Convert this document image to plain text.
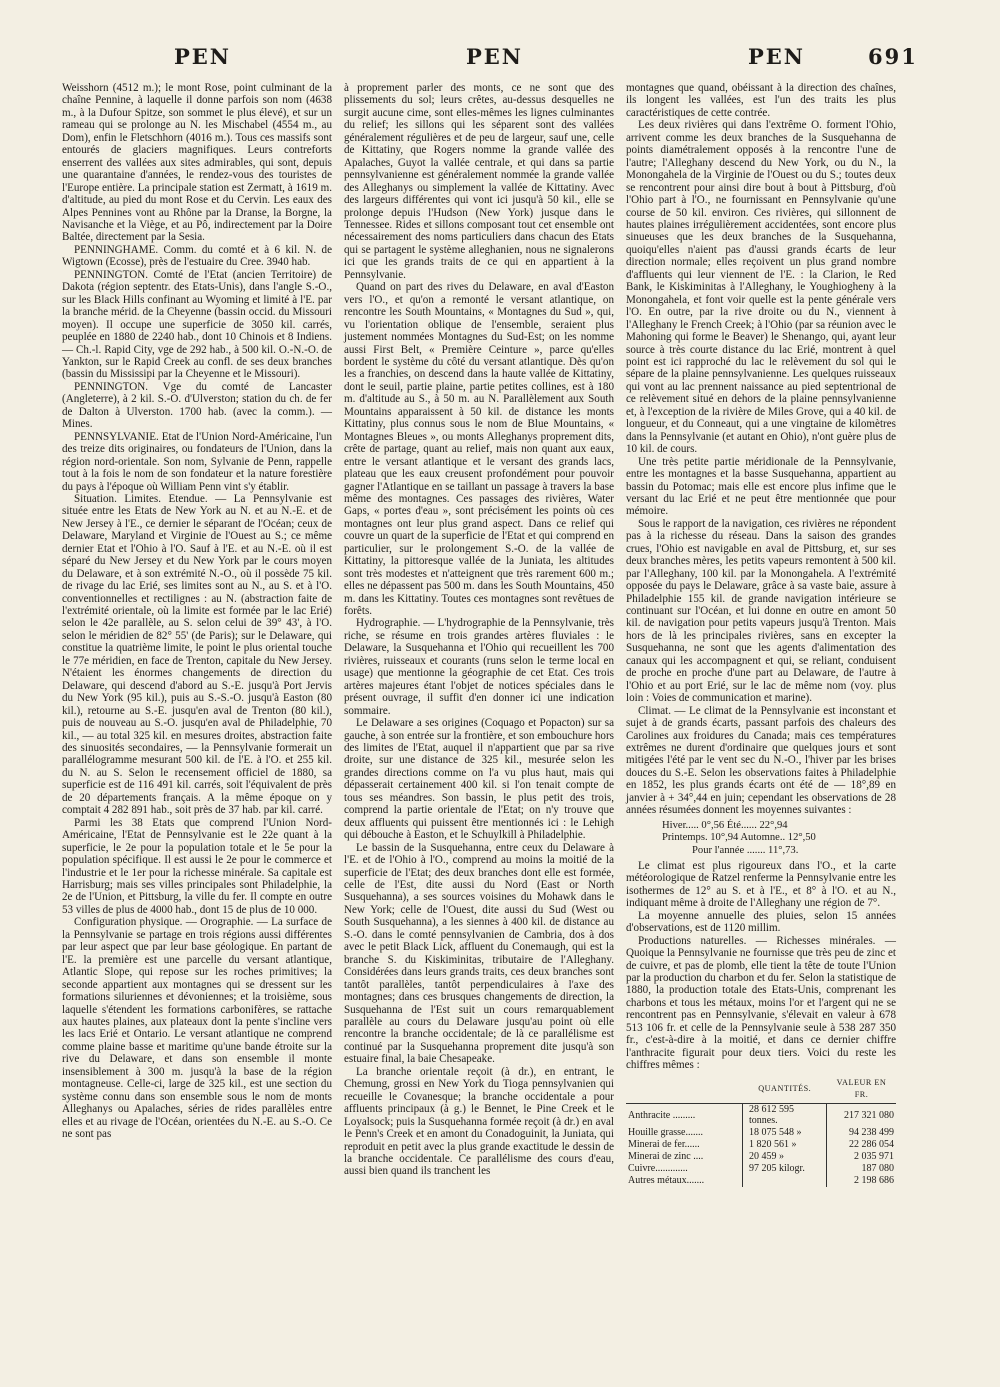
PEN	PEN	PEN	691

Weisshorn (4512 m.); le mont Rose, point culminant de la chaîne Pennine, à laquelle il donne parfois son nom (4638 m., à la Dufour Spitze, son sommet le plus élevé), et sur un rameau qui se prolonge au N. les Mischabel (4554 m., au Dom), enfin le Fletschhorn (4016 m.). Tous ces massifs sont entourés de glaciers magnifiques. Leurs contreforts enserrent des vallées aux sites admirables, qui sont, depuis une quarantaine d'années, le rendez-vous des touristes de l'Europe entière. La principale station est Zermatt, à 1619 m. d'altitude, au pied du mont Rose et du Cervin. Les eaux des Alpes Pennines vont au Rhône par la Dranse, la Borgne, la Navisanche et la Viège, et au Pô, indirectement par la Doire Baltée, directement par la Sesia.

PENNINGHAME. Comm. du comté et à 6 kil. N. de Wigtown (Ecosse), près de l'estuaire du Cree. 3940 hab.

PENNINGTON. Comté de l'Etat (ancien Territoire) de Dakota (région septentr. des Etats-Unis), dans l'angle S.-O., sur les Black Hills confinant au Wyoming et limité à l'E. par la branche mérid. de la Cheyenne (bassin occid. du Missouri moyen). Il occupe une superficie de 3050 kil. carrés, peuplée en 1880 de 2240 hab., dont 10 Chinois et 8 Indiens. — Ch.-l. Rapid City, vge de 292 hab., à 500 kil. O.-N.-O. de Yankton, sur le Rapid Creek au confl. de ses deux branches (bassin du Mississipi par la Cheyenne et le Missouri).

PENNINGTON. Vge du comté de Lancaster (Angleterre), à 2 kil. S.-O. d'Ulverston; station du ch. de fer de Dalton à Ulverston. 1700 hab. (avec la comm.). — Mines.

PENNSYLVANIE. Etat de l'Union Nord-Américaine, l'un des treize dits originaires, ou fondateurs de l'Union, dans la région nord-orientale. Son nom, Sylvanie de Penn, rappelle tout à la fois le nom de son fondateur et la nature forestière du pays à l'époque où William Penn vint s'y établir.

Situation. Limites. Etendue. — La Pennsylvanie est située entre les Etats de New York au N. et au N.-E. et de New Jersey à l'E., ce dernier le séparant de l'Océan; ceux de Delaware, Maryland et Virginie de l'Ouest au S.; ce même dernier Etat et l'Ohio à l'O. Sauf à l'E. et au N.-E. où il est séparé du New Jersey et du New York par le cours moyen du Delaware, et à son extrémité N.-O., où il possède 75 kil. de rivage du lac Erié, ses limites sont au N., au S. et à l'O. conventionnelles et rectilignes : au N. (abstraction faite de l'extrémité orientale, où la limite est formée par le lac Erié) selon le 42e parallèle, au S. selon celui de 39° 43', à l'O. selon le méridien de 82° 55' (de Paris); sur le Delaware, qui constitue la quatrième limite, le point le plus oriental touche le 77e méridien, en face de Trenton, capitale du New Jersey. N'étaient les énormes changements de direction du Delaware, qui descend d'abord au S.-E. jusqu'à Port Jervis du New York (95 kil.), puis au S.-S.-O. jusqu'à Easton (80 kil.), retourne au S.-E. jusqu'en aval de Trenton (80 kil.), puis de nouveau au S.-O. jusqu'en aval de Philadelphie, 70 kil., — au total 325 kil. en mesures droites, abstraction faite des sinuosités secondaires, — la Pennsylvanie formerait un parallélogramme mesurant 500 kil. de l'E. à l'O. et 255 kil. du N. au S. Selon le recensement officiel de 1880, sa superficie est de 116 491 kil. carrés, soit l'équivalent de près de 20 départements français. A la même époque on y comptait 4 282 891 hab., soit près de 37 hab. par kil. carré.

Parmi les 38 Etats que comprend l'Union Nord-Américaine, l'Etat de Pennsylvanie est le 22e quant à la superficie, le 2e pour la population totale et le 5e pour la population spécifique. Il est aussi le 2e pour le commerce et l'industrie et le 1er pour la richesse minérale. Sa capitale est Harrisburg; mais ses villes principales sont Philadelphie, la 2e de l'Union, et Pittsburg, la ville du fer. Il compte en outre 53 villes de plus de 4000 hab., dont 15 de plus de 10 000.

Configuration physique. — Orographie. — La surface de la Pennsylvanie se partage en trois régions aussi différentes par leur aspect que par leur base géologique. En partant de l'E. la première est une parcelle du versant atlantique, Atlantic Slope, qui repose sur les roches primitives; la seconde appartient aux montagnes qui se dressent sur les formations siluriennes et dévoniennes; et la troisième, sous laquelle s'étendent les formations carbonifères, se rattache aux hautes plaines, aux plateaux dont la pente s'incline vers les lacs Erié et Ontario. Le versant atlantique ne comprend comme plaine basse et maritime qu'une bande étroite sur la rive du Delaware, et dans son ensemble il monte insensiblement à 300 m. jusqu'à la base de la région montagneuse. Celle-ci, large de 325 kil., est une section du système connu dans son ensemble sous le nom de monts Alleghanys ou Apalaches, séries de rides parallèles entre elles et au rivage de l'Océan, orientées du N.-E. au S.-O. Ce ne sont pas

à proprement parler des monts, ce ne sont que des plissements du sol; leurs crêtes, au-dessus desquelles ne surgit aucune cime, sont elles-mêmes les lignes culminantes du relief; les sillons qui les séparent sont des vallées généralement régulières et de peu de largeur, sauf une, celle de Kittatiny, que Rogers nomme la grande vallée des Apalaches, Guyot la vallée centrale, et qui dans sa partie pennsylvanienne est généralement nommée la grande vallée des Alleghanys ou simplement la vallée de Kittatiny. Avec des largeurs différentes qui vont ici jusqu'à 50 kil., elle se prolonge depuis l'Hudson (New York) jusque dans le Tennessee. Rides et sillons composant tout cet ensemble ont nécessairement des noms particuliers dans chacun des Etats qui se partagent le système alleghanien, nous ne signalerons ici que les grands traits de ce qui en appartient à la Pennsylvanie.

Quand on part des rives du Delaware, en aval d'Easton vers l'O., et qu'on a remonté le versant atlantique, on rencontre les South Mountains, « Montagnes du Sud », qui, vu l'orientation oblique de l'ensemble, seraient plus justement nommées Montagnes du Sud-Est; on les nomme aussi First Belt, « Première Ceinture », parce qu'elles bordent le système du côté du versant atlantique. Dès qu'on les a franchies, on descend dans la haute vallée de Kittatiny, dont le seuil, partie plaine, partie petites collines, est à 180 m. d'altitude au S., à 50 m. au N. Parallèlement aux South Mountains apparaissent à 50 kil. de distance les monts Kittatiny, plus connus sous le nom de Blue Mountains, « Montagnes Bleues », ou monts Alleghanys proprement dits, crête de partage, quant au relief, mais non quant aux eaux, entre le versant atlantique et le versant des grands lacs, plateau que les eaux creusent profondément pour pouvoir gagner l'Atlantique en se taillant un passage à travers la base même des montagnes. Ces passages des rivières, Water Gaps, « portes d'eau », sont précisément les points où ces montagnes ont leur plus grand aspect. Dans ce relief qui couvre un quart de la superficie de l'Etat et qui comprend en particulier, sur le prolongement S.-O. de la vallée de Kittatiny, la pittoresque vallée de la Juniata, les altitudes sont très modestes et n'atteignent que très rarement 600 m.; elles ne dépassent pas 500 m. dans les South Mountains, 450 m. dans les Kittatiny. Toutes ces montagnes sont revêtues de forêts.

Hydrographie. — L'hydrographie de la Pennsylvanie, très riche, se résume en trois grandes artères fluviales : le Delaware, la Susquehanna et l'Ohio qui recueillent les 700 rivières, ruisseaux et courants (runs selon le terme local en usage) que mentionne la géographie de cet Etat. Ces trois artères majeures étant l'objet de notices spéciales dans le présent ouvrage, il suffit d'en donner ici une indication sommaire.

Le Delaware a ses origines (Coquago et Popacton) sur sa gauche, à son entrée sur la frontière, et son embouchure hors des limites de l'Etat, auquel il n'appartient que par sa rive droite, sur une distance de 325 kil., mesurée selon les grandes directions comme on l'a vu plus haut, mais qui dépasserait certainement 400 kil. si l'on tenait compte de tous ses méandres. Son bassin, le plus petit des trois, comprend la partie orientale de l'Etat; on n'y trouve que deux affluents qui puissent être mentionnés ici : le Lehigh qui débouche à Easton, et le Schuylkill à Philadelphie.

Le bassin de la Susquehanna, entre ceux du Delaware à l'E. et de l'Ohio à l'O., comprend au moins la moitié de la superficie de l'Etat; des deux branches dont elle est formée, celle de l'Est, dite aussi du Nord (East or North Susquehanna), a ses sources voisines du Mohawk dans le New York; celle de l'Ouest, dite aussi du Sud (West ou South Susquehanna), a les siennes à 400 kil. de distance au S.-O. dans le comté pennsylvanien de Cambria, dos à dos avec le petit Black Lick, affluent du Conemaugh, qui est la branche S. du Kiskiminitas, tributaire de l'Alleghany. Considérées dans leurs grands traits, ces deux branches sont tantôt parallèles, tantôt perpendiculaires à l'axe des montagnes; dans ces brusques changements de direction, la Susquehanna de l'Est suit un cours remarquablement parallèle au cours du Delaware jusqu'au point où elle rencontre la branche occidentale; de là ce parallélisme est continué par la Susquehanna proprement dite jusqu'à son estuaire final, la baie Chesapeake.

La branche orientale reçoit (à dr.), en entrant, le Chemung, grossi en New York du Tioga pennsylvanien qui recueille le Covanesque; la branche occidentale a pour affluents principaux (à g.) le Bennet, le Pine Creek et le Loyalsock; puis la Susquehanna formée reçoit (à dr.) en aval le Penn's Creek et en amont du Conadoguinit, la Juniata, qui reproduit en petit avec la plus grande exactitude le dessin de la branche occidentale. Ce parallélisme des cours d'eau, aussi bien quand ils tranchent les

montagnes que quand, obéissant à la direction des chaînes, ils longent les vallées, est l'un des traits les plus caractéristiques de cette contrée.

Les deux rivières qui dans l'extrême O. forment l'Ohio, arrivent comme les deux branches de la Susquehanna de points diamétralement opposés à la rencontre l'une de l'autre; l'Alleghany descend du New York, ou du N., la Monongahela de la Virginie de l'Ouest ou du S.; toutes deux se rencontrent pour ainsi dire bout à bout à Pittsburg, d'où l'Ohio part à l'O., ne fournissant en Pennsylvanie qu'une course de 50 kil. environ. Ces rivières, qui sillonnent de hautes plaines irrégulièrement accidentées, sont encore plus sinueuses que les deux branches de la Susquehanna, quoiqu'elles n'aient pas d'aussi grands écarts de leur direction normale; elles reçoivent un plus grand nombre d'affluents qui leur viennent de l'E. : la Clarion, le Red Bank, le Kiskiminitas à l'Alleghany, le Youghiogheny à la Monongahela, et font voir quelle est la pente générale vers l'O. En outre, par la rive droite ou du N., viennent à l'Alleghany le French Creek; à l'Ohio (par sa réunion avec le Mahoning qui forme le Beaver) le Shenango, qui, ayant leur source à très courte distance du lac Erié, montrent à quel point est ici rapproché du lac le relèvement du sol qui le sépare de la plaine pennsylvanienne. Les quelques ruisseaux qui vont au lac prennent naissance au pied septentrional de ce relèvement situé en dehors de la plaine pennsylvanienne et, à l'exception de la rivière de Miles Grove, qui a 40 kil. de longueur, et du Conneaut, qui a une vingtaine de kilomètres dans la Pennsylvanie (et autant en Ohio), n'ont guère plus de 10 kil. de cours.

Une très petite partie méridionale de la Pennsylvanie, entre les montagnes et la basse Susquehanna, appartient au bassin du Potomac; mais elle est encore plus infime que le versant du lac Erié et ne peut être mentionnée que pour mémoire.

Sous le rapport de la navigation, ces rivières ne répondent pas à la richesse du réseau. Dans la saison des grandes crues, l'Ohio est navigable en aval de Pittsburg, et, sur ses deux branches mères, les petits vapeurs remontent à 500 kil. par l'Alleghany, 100 kil. par la Monongahela. A l'extrémité opposée du pays le Delaware, grâce à sa vaste baie, assure à Philadelphie 155 kil. de grande navigation intérieure se continuant sur l'Océan, et lui donne en outre en amont 50 kil. de navigation pour petits vapeurs jusqu'à Trenton. Mais hors de là les principales rivières, sans en excepter la Susquehanna, ne sont que les agents d'alimentation des canaux qui les accompagnent et qui, se reliant, conduisent de proche en proche d'une part au Delaware, de l'autre à l'Ohio et au port Erié, sur le lac de même nom (voy. plus loin : Voies de communication et marine).

Climat. — Le climat de la Pennsylvanie est inconstant et sujet à de grands écarts, passant parfois des chaleurs des Carolines aux froidures du Canada; mais ces températures extrêmes ne durent d'ordinaire que quelques jours et sont mitigées l'été par le vent sec du N.-O., l'hiver par les brises douces du S.-E. Selon les observations faites à Philadelphie en 1852, les plus grands écarts ont été de — 18°,89 en janvier à + 34°,44 en juin; cependant les observations de 28 années résumées donnent les moyennes suivantes :

Hiver..... 0°,56 Été...... 22°,94
Printemps. 10°,94 Automne.. 12°,50
Pour l'année ....... 11°,73.

Le climat est plus rigoureux dans l'O., et la carte météorologique de Ratzel renferme la Pennsylvanie entre les isothermes de 12° au S. et à l'E., et 8° à l'O. et au N., indiquant même à droite de l'Alleghany une région de 7°.

La moyenne annuelle des pluies, selon 15 années d'observations, est de 1120 millim.

Productions naturelles. — Richesses minérales. — Quoique la Pennsylvanie ne fournisse que très peu de zinc et de cuivre, et pas de plomb, elle tient la tête de toute l'Union par la production du charbon et du fer. Selon la statistique de 1880, la production totale des Etats-Unis, comprenant les charbons et tous les métaux, moins l'or et l'argent qui ne se rencontrent pas en Pennsylvanie, s'élevait en valeur à 678 513 106 fr. et celle de la Pennsylvanie seule à 538 287 350 fr., c'est-à-dire à la moitié, et dans ce dernier chiffre l'anthracite figurait pour deux tiers. Voici du reste les chiffres mêmes :

	QUANTITÉS.	VALEUR EN FR.
Anthracite .........	28 612 595 tonnes.	217 321 080
Houille grasse.......	18 075 548 »	94 238 499
Minerai de fer......	1 820 561 »	22 286 054
Minerai de zinc ....	20 459 »	2 035 971
Cuivre.............	97 205 kilogr.	187 080
Autres métaux.......		2 198 686
